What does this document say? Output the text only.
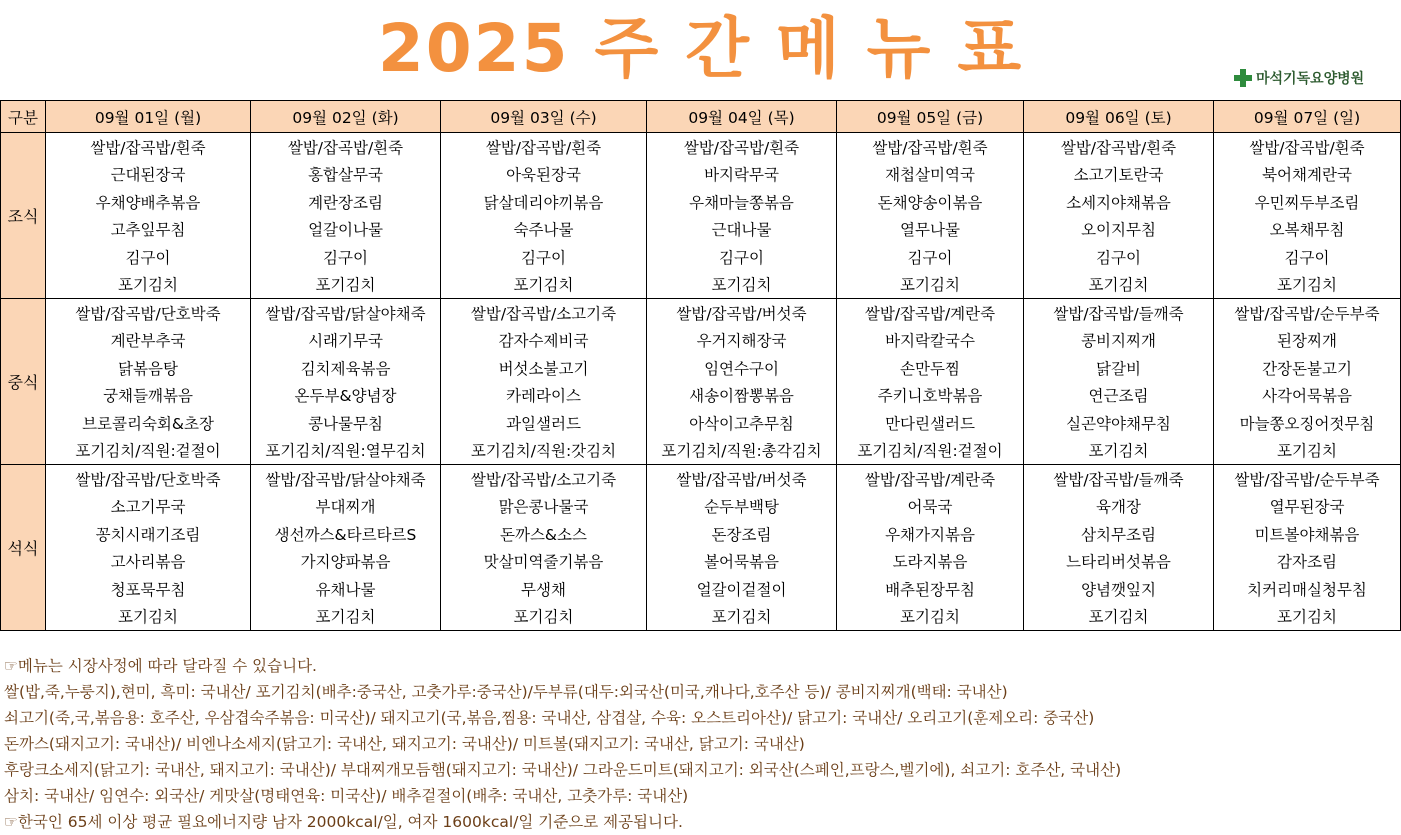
2025 주 간 메 뉴 표	마석기독요양병원
구분	09월 01일 (월)	09월 02일 (화)	09월 03일 (수)	09월 04일 (목)	09월 05일 (금)	09월 06일 (토)	09월 07일 (일)
조식	쌀밥/잡곡밥/흰죽	쌀밥/잡곡밥/흰죽	쌀밥/잡곡밥/흰죽	쌀밥/잡곡밥/흰죽	쌀밥/잡곡밥/흰죽	쌀밥/잡곡밥/흰죽	쌀밥/잡곡밥/흰죽
	근대된장국	홍합살무국	아욱된장국	바지락무국	재첩살미역국	소고기토란국	북어채계란국
	우채양배추볶음	계란장조림	닭살데리야끼볶음	우채마늘쫑볶음	돈채양송이볶음	소세지야채볶음	우민찌두부조림
	고추잎무침	얼갈이나물	숙주나물	근대나물	열무나물	오이지무침	오복채무침
	김구이	김구이	김구이	김구이	김구이	김구이	김구이
	포기김치	포기김치	포기김치	포기김치	포기김치	포기김치	포기김치
중식	쌀밥/잡곡밥/단호박죽	쌀밥/잡곡밥/닭살야채죽	쌀밥/잡곡밥/소고기죽	쌀밥/잡곡밥/버섯죽	쌀밥/잡곡밥/계란죽	쌀밥/잡곡밥/들깨죽	쌀밥/잡곡밥/순두부죽
	계란부추국	시래기무국	감자수제비국	우거지해장국	바지락칼국수	콩비지찌개	된장찌개
	닭볶음탕	김치제육볶음	버섯소불고기	임연수구이	손만두찜	닭갈비	간장돈불고기
	궁채들깨볶음	온두부&양념장	카레라이스	새송이짬뽕볶음	주키니호박볶음	연근조림	사각어묵볶음
	브로콜리숙회&초장	콩나물무침	과일샐러드	아삭이고추무침	만다린샐러드	실곤약야채무침	마늘쫑오징어젓무침
	포기김치/직원:겉절이	포기김치/직원:열무김치	포기김치/직원:갓김치	포기김치/직원:총각김치	포기김치/직원:겉절이	포기김치	포기김치
석식	쌀밥/잡곡밥/단호박죽	쌀밥/잡곡밥/닭살야채죽	쌀밥/잡곡밥/소고기죽	쌀밥/잡곡밥/버섯죽	쌀밥/잡곡밥/계란죽	쌀밥/잡곡밥/들깨죽	쌀밥/잡곡밥/순두부죽
	소고기무국	부대찌개	맑은콩나물국	순두부백탕	어묵국	육개장	열무된장국
	꽁치시래기조림	생선까스&타르타르S	돈까스&소스	돈장조림	우채가지볶음	삼치무조림	미트볼야채볶음
	고사리볶음	가지양파볶음	맛살미역줄기볶음	볼어묵볶음	도라지볶음	느타리버섯볶음	감자조림
	청포묵무침	유채나물	무생채	얼갈이겉절이	배추된장무침	양념깻잎지	치커리매실청무침
	포기김치	포기김치	포기김치	포기김치	포기김치	포기김치	포기김치
☞메뉴는 시장사정에 따라 달라질 수 있습니다.
쌀(밥,죽,누룽지),현미, 흑미: 국내산/ 포기김치(배추:중국산, 고춧가루:중국산)/두부류(대두:외국산(미국,캐나다,호주산 등)/ 콩비지찌개(백태: 국내산)
쇠고기(죽,국,볶음용: 호주산, 우삼겹숙주볶음: 미국산)/ 돼지고기(국,볶음,찜용: 국내산, 삼겹살, 수육: 오스트리아산)/ 닭고기: 국내산/ 오리고기(훈제오리: 중국산)
돈까스(돼지고기: 국내산)/ 비엔나소세지(닭고기: 국내산, 돼지고기: 국내산)/ 미트볼(돼지고기: 국내산, 닭고기: 국내산)
후랑크소세지(닭고기: 국내산, 돼지고기: 국내산)/ 부대찌개모듬햄(돼지고기: 국내산)/ 그라운드미트(돼지고기: 외국산(스페인,프랑스,벨기에), 쇠고기: 호주산, 국내산)
삼치: 국내산/ 임연수: 외국산/ 게맛살(명태연육: 미국산)/ 배추겉절이(배추: 국내산, 고춧가루: 국내산)
☞한국인 65세 이상 평균 필요에너지량 남자 2000kcal/일, 여자 1600kcal/일 기준으로 제공됩니다.
